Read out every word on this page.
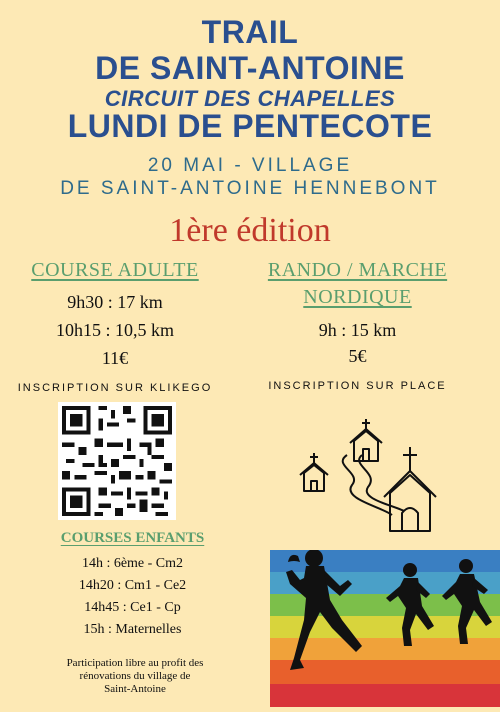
TRAIL
DE SAINT-ANTOINE
CIRCUIT DES CHAPELLES
LUNDI DE PENTECOTE
20 MAI - VILLAGE
DE SAINT-ANTOINE HENNEBONT
1ère édition
COURSE ADULTE
9h30 : 17 km
10h15 : 10,5 km
11€
INSCRIPTION SUR KLIKEGO
RANDO / MARCHE
NORDIQUE
9h : 15 km
5€
INSCRIPTION SUR PLACE
COURSES ENFANTS
14h : 6ème - Cm2
14h20 : Cm1 - Ce2
14h45 : Ce1 - Cp
15h : Maternelles
Participation libre au profit des
rénovations du village de
Saint-Antoine
